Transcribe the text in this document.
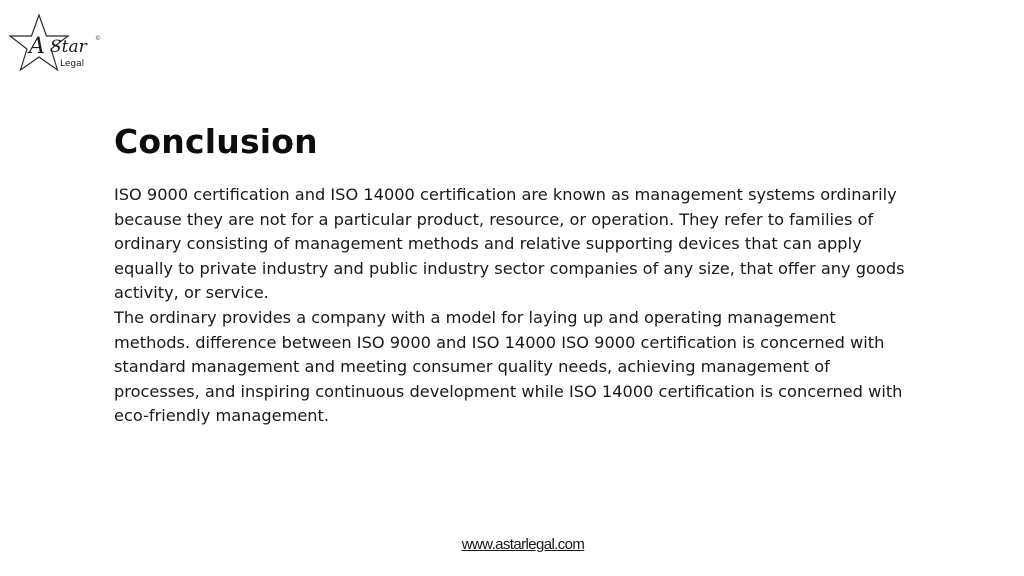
A Star
Legal
©
Conclusion

ISO 9000 certification and ISO 14000 certification are known as management systems ordinarily because they are not for a particular product, resource, or operation. They refer to families of ordinary consisting of management methods and relative supporting devices that can apply equally to private industry and public industry sector companies of any size, that offer any goods activity, or service.

The ordinary provides a company with a model for laying up and operating management methods. difference between ISO 9000 and ISO 14000 ISO 9000 certification is concerned with standard management and meeting consumer quality needs, achieving management of processes, and inspiring continuous development while ISO 14000 certification is concerned with eco-friendly management.

www.astarlegal.com
